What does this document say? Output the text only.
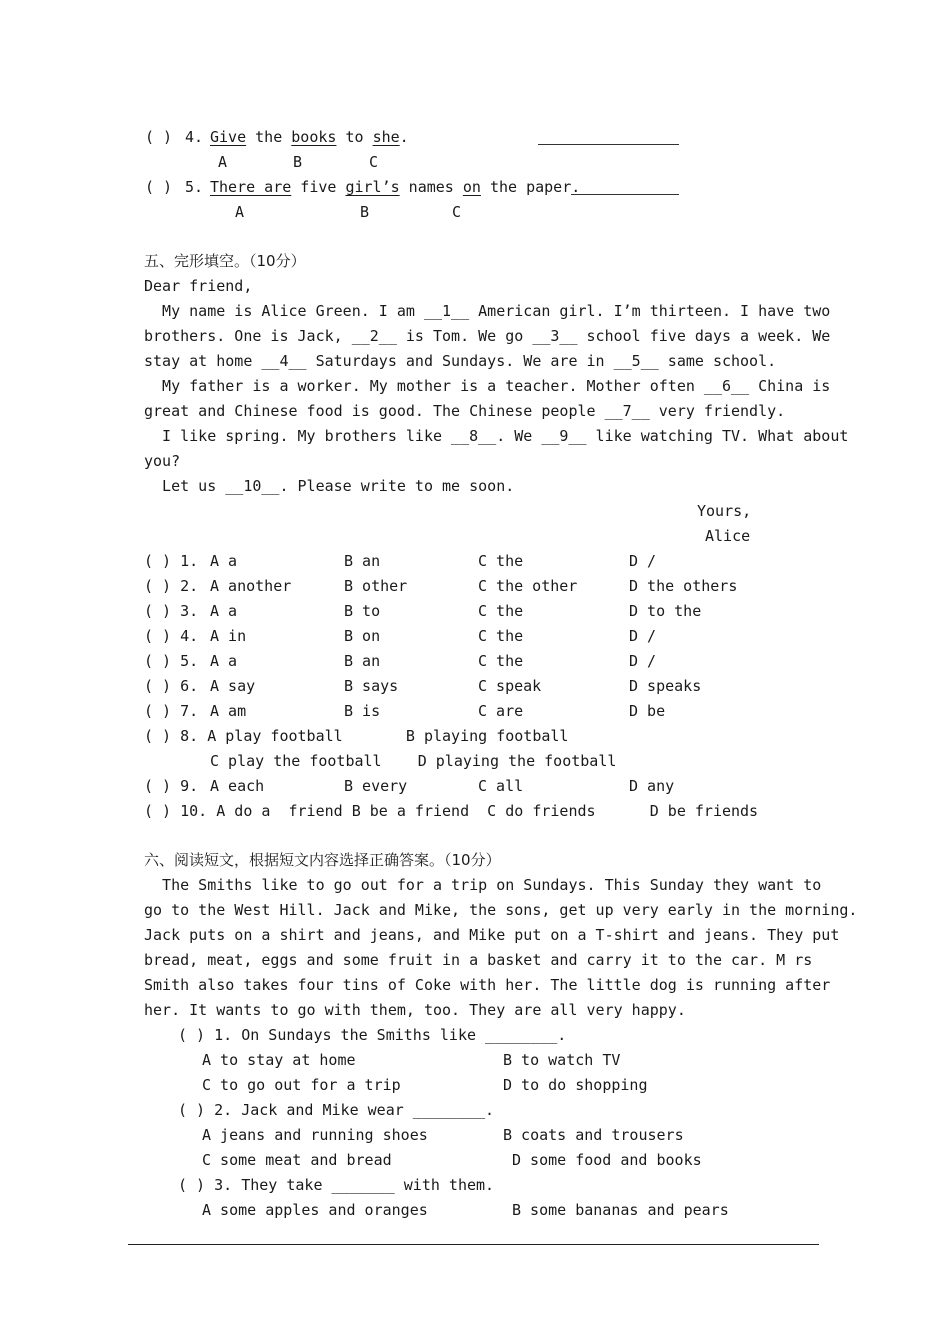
( ) 4. Give the books to she.
A	B	C
( ) 5. There are five girl’s names on the paper.
A	B	C
五、完形填空。（10分）
Dear friend,
My name is Alice Green. I am __1__ American girl. I’m thirteen. I have two
brothers. One is Jack, __2__ is Tom. We go __3__ school five days a week. We
stay at home __4__ Saturdays and Sundays. We are in __5__ same school.
My father is a worker. My mother is a teacher. Mother often __6__ China is
great and Chinese food is good. The Chinese people __7__ very friendly.
I like spring. My brothers like __8__. We __9__ like watching TV. What about
you?
Let us __10__. Please write to me soon.
Yours,
Alice
( ) 1. A a	B an	C the	D /
( ) 2. A another	B other	C the other	D the others
( ) 3. A a	B to	C the	D to the
( ) 4. A in	B on	C the	D /
( ) 5. A a	B an	C the	D /
( ) 6. A say	B says	C speak	D speaks
( ) 7. A am	B is	C are	D be
( ) 8. A play football       B playing football
C play the football    D playing the football
( ) 9. A each	B every	C all	D any
( ) 10. A do a  friend B be a friend  C do friends      D be friends
六、阅读短文，根据短文内容选择正确答案。（10分）
The Smiths like to go out for a trip on Sundays. This Sunday they want to
go to the West Hill. Jack and Mike, the sons, get up very early in the morning.
Jack puts on a shirt and jeans, and Mike put on a T-shirt and jeans. They put
bread, meat, eggs and some fruit in a basket and carry it to the car. M rs
Smith also takes four tins of Coke with her. The little dog is running after
her. It wants to go with them, too. They are all very happy.
( ) 1. On Sundays the Smiths like ________.
A to stay at home	B to watch TV
C to go out for a trip	D to do shopping
( ) 2. Jack and Mike wear ________.
A jeans and running shoes	B coats and trousers
C some meat and bread	D some food and books
( ) 3. They take _______ with them.
A some apples and oranges	B some bananas and pears
